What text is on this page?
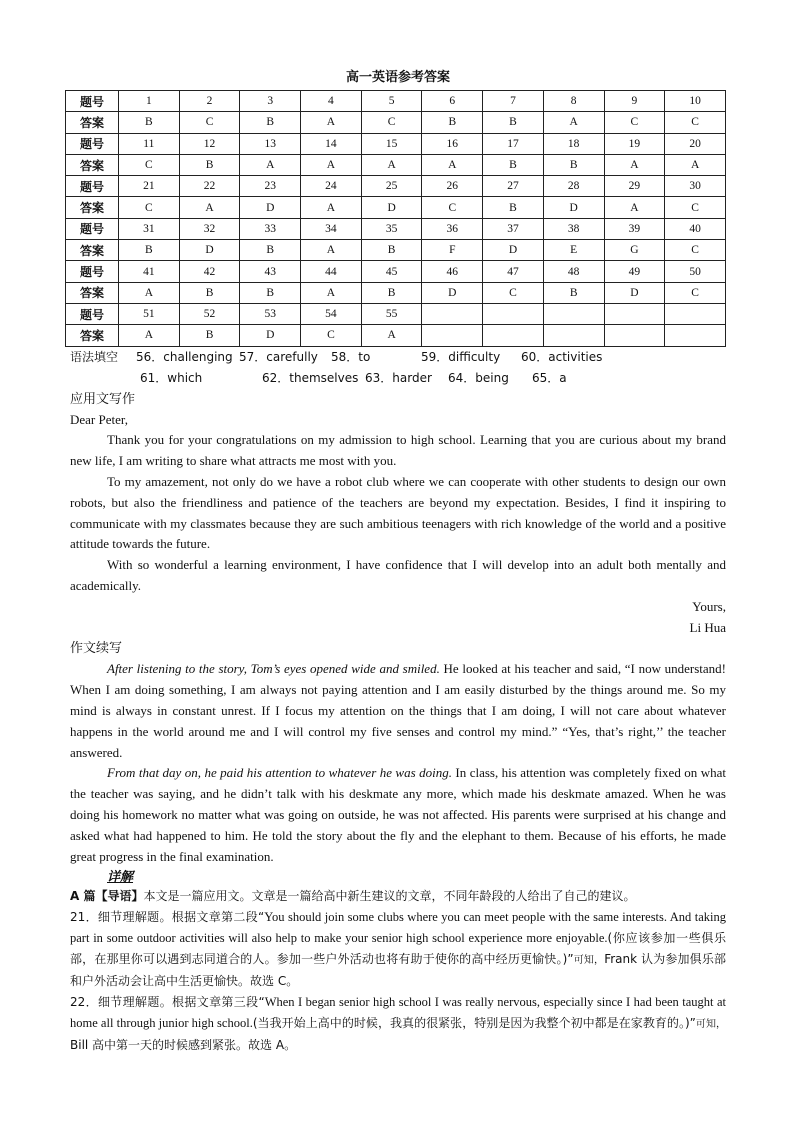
高一英语参考答案
题号	1	2	3	4	5	6	7	8	9	10
答案	B	C	B	A	C	B	B	A	C	C
题号	11	12	13	14	15	16	17	18	19	20
答案	C	B	A	A	A	A	B	B	A	A
题号	21	22	23	24	25	26	27	28	29	30
答案	C	A	D	A	D	C	B	D	A	C
题号	31	32	33	34	35	36	37	38	39	40
答案	B	D	B	A	B	F	D	E	G	C
题号	41	42	43	44	45	46	47	48	49	50
答案	A	B	B	A	B	D	C	B	D	C
题号	51	52	53	54	55					
答案	A	B	D	C	A					
语法填空	56．challenging 57．carefully	58．to	59．difficulty	60．activities
61．which	62．themselves 63．harder	64．being	65．a
应用文写作

Dear Peter,

Thank you for your congratulations on my admission to high school. Learning that you are curious about my brand new life, I am writing to share what attracts me most with you.

To my amazement, not only do we have a robot club where we can cooperate with other students to design our own robots, but also the friendliness and patience of the teachers are beyond my expectation. Besides, I find it inspiring to communicate with my classmates because they are such ambitious teenagers with rich knowledge of the world and a positive attitude towards the future.

With so wonderful a learning environment, I have confidence that I will develop into an adult both mentally and academically.

Yours,
Li Hua
作文续写

After listening to the story, Tom’s eyes opened wide and smiled. He looked at his teacher and said, “I now understand! When I am doing something, I am always not paying attention and I am easily disturbed by the things around me. So my mind is always in constant unrest. If I focus my attention on the things that I am doing, I will not care about whatever happens in the world around me and I will control my five senses and control my mind.” “Yes, that’s right,’’ the teacher answered.

From that day on, he paid his attention to whatever he was doing. In class, his attention was completely fixed on what the teacher was saying, and he didn’t talk with his deskmate any more, which made his deskmate amazed. When he was doing his homework no matter what was going on outside, he was not affected. His parents were surprised at his change and asked what had happened to him. He told the story about the fly and the elephant to them. Because of his efforts, he made great progress in the final examination.

详解

A 篇【导语】本文是一篇应用文。文章是一篇给高中新生建议的文章，不同年龄段的人给出了自己的建议。

21．细节理解题。根据文章第二段“You should join some clubs where you can meet people with the same interests. And taking part in some outdoor activities will also help to make your senior high school experience more enjoyable.(你应该参加一些俱乐部，在那里你可以遇到志同道合的人。参加一些户外活动也将有助于使你的高中经历更愉快。)”可知，Frank 认为参加俱乐部和户外活动会让高中生活更愉快。故选 C。

22．细节理解题。根据文章第三段“When I began senior high school I was really nervous, especially since I had been taught at home all through junior high school.(当我开始上高中的时候，我真的很紧张，特别是因为我整个初中都是在家教育的。)”可知，Bill 高中第一天的时候感到紧张。故选 A。
